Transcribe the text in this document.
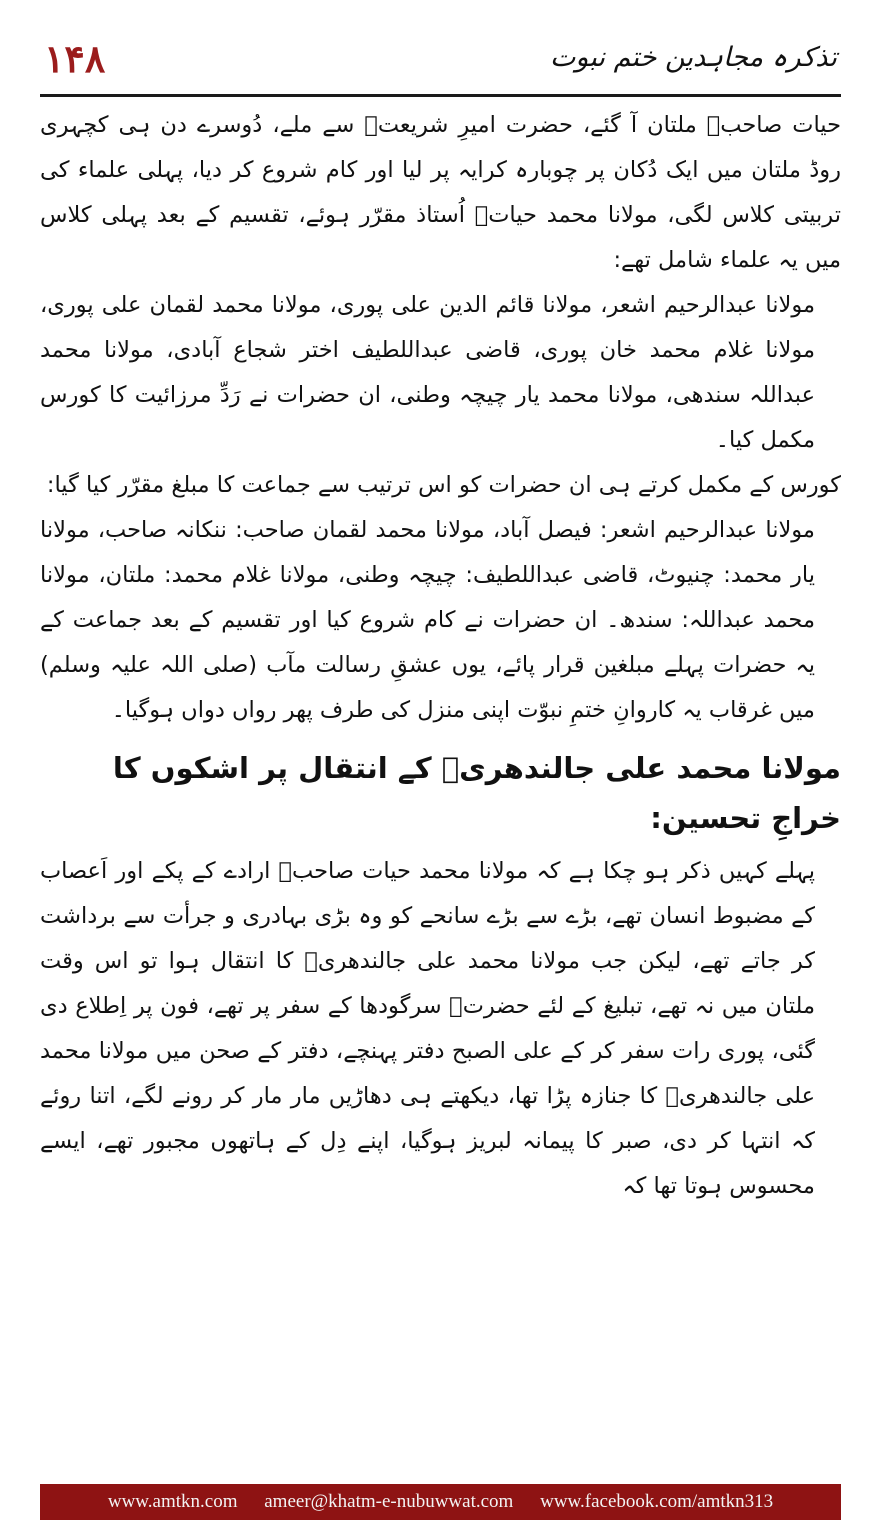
۱۴۸	تذکرہ مجاہدین ختم نبوت

حیات صاحبؒ ملتان آ گئے، حضرت امیرِ شریعتؒ سے ملے، دُوسرے دن ہی کچہری روڈ ملتان میں ایک دُکان پر چوبارہ کرایہ پر لیا اور کام شروع کر دیا، پہلی علماء کی تربیتی کلاس لگی، مولانا محمد حیاتؒ اُستاذ مقرّر ہوئے، تقسیم کے بعد پہلی کلاس میں یہ علماء شامل تھے:

مولانا عبدالرحیم اشعر، مولانا قائم الدین علی پوری، مولانا محمد لقمان علی پوری، مولانا غلام محمد خان پوری، قاضی عبداللطیف اختر شجاع آبادی، مولانا محمد عبداللہ سندھی، مولانا محمد یار چیچہ وطنی، ان حضرات نے رَدِّ مرزائیت کا کورس مکمل کیا۔

کورس کے مکمل کرتے ہی ان حضرات کو اس ترتیب سے جماعت کا مبلغ مقرّر کیا گیا:

مولانا عبدالرحیم اشعر: فیصل آباد، مولانا محمد لقمان صاحب: ننکانہ صاحب، مولانا یار محمد: چنیوٹ، قاضی عبداللطیف: چیچہ وطنی، مولانا غلام محمد: ملتان، مولانا محمد عبداللہ: سندھ۔ ان حضرات نے کام شروع کیا اور تقسیم کے بعد جماعت کے یہ حضرات پہلے مبلغین قرار پائے، یوں عشقِ رسالت مآب (صلی اللہ علیہ وسلم) میں غرقاب یہ کاروانِ ختمِ نبوّت اپنی منزل کی طرف پھر رواں دواں ہوگیا۔

مولانا محمد علی جالندھریؒ کے انتقال پر اشکوں کا خراجِ تحسین:

پہلے کہیں ذکر ہو چکا ہے کہ مولانا محمد حیات صاحبؒ ارادے کے پکے اور اَعصاب کے مضبوط انسان تھے، بڑے سے بڑے سانحے کو وہ بڑی بہادری و جرأت سے برداشت کر جاتے تھے، لیکن جب مولانا محمد علی جالندھریؒ کا انتقال ہوا تو اس وقت ملتان میں نہ تھے، تبلیغ کے لئے حضرتؒ سرگودھا کے سفر پر تھے، فون پر اِطلاع دی گئی، پوری رات سفر کر کے علی الصبح دفتر پہنچے، دفتر کے صحن میں مولانا محمد علی جالندھریؒ کا جنازہ پڑا تھا، دیکھتے ہی دھاڑیں مار مار کر رونے لگے، اتنا روئے کہ انتہا کر دی، صبر کا پیمانہ لبریز ہوگیا، اپنے دِل کے ہاتھوں مجبور تھے، ایسے محسوس ہوتا تھا کہ

www.amtkn.com ameer@khatm-e-nubuwwat.com www.facebook.com/amtkn313
